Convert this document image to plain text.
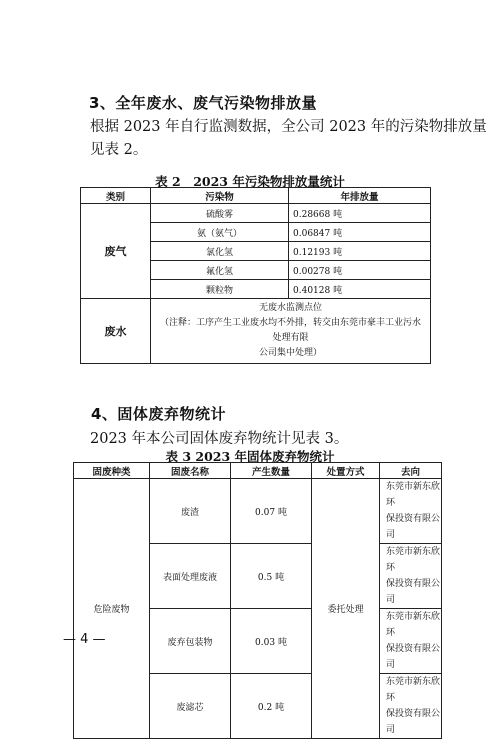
3、全年废水、废气污染物排放量
根据 2023 年自行监测数据，全公司 2023 年的污染物排放量
见表 2。
表 2　2023 年污染物排放量统计
类别	污染物	年排放量
废气	硫酸雾	0.28668 吨
	氨（氨气）	0.06847 吨
	氯化氢	0.12193 吨
	氟化氢	0.00278 吨
	颗粒物	0.40128 吨
废水	无废水监测点位
（注释：工序产生工业废水均不外排，转交由东莞市豪丰工业污水处理有限
公司集中处理）	
4、固体废弃物统计
2023 年本公司固体废弃物统计见表 3。
表 3 2023 年固体废弃物统计
固废种类	固废名称	产生数量	处置方式	去向
危险废物	废渣	0.07 吨	委托处理	东莞市新东欣环
保投资有限公司

	表面处理废液	0.5 吨		东莞市新东欣环
保投资有限公司

	废弃包装物	0.03 吨		东莞市新东欣环
保投资有限公司

	废滤芯	0.2 吨		东莞市新东欣环
保投资有限公司
— 4 —
